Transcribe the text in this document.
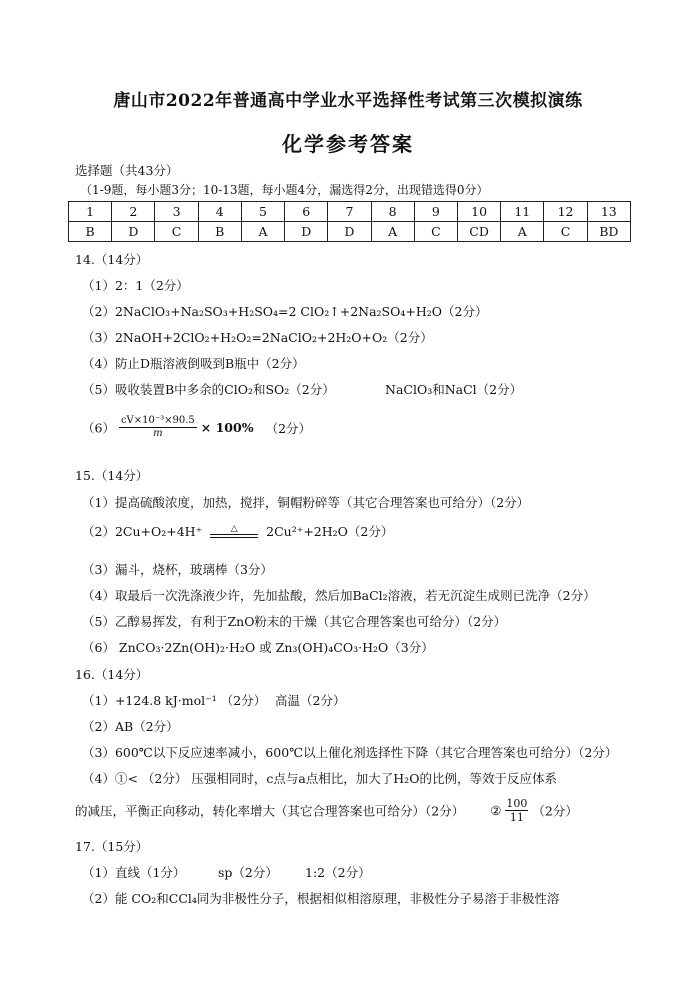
唐山市2022年普通高中学业水平选择性考试第三次模拟演练
化学参考答案
选择题（共43分）
（1-9题，每小题3分；10-13题，每小题4分，漏选得2分，出现错选得0分）
1	2	3	4	5	6	7	8	9	10	11	12	13
B	D	C	B	A	D	D	A	C	CD	A	C	BD
14.（14分）
（1）2：1（2分）
（2）2NaClO₃+Na₂SO₃+H₂SO₄=2 ClO₂↑+2Na₂SO₄+H₂O（2分）
（3）2NaOH+2ClO₂+H₂O₂=2NaClO₂+2H₂O+O₂（2分）
（4）防止D瓶溶液倒吸到B瓶中（2分）
（5）吸收装置B中多余的ClO₂和SO₂（2分）	NaClO₃和NaCl（2分）
$(6) \frac{\text{cV×10⁻³×90.5}}{m} \times 100\%$ （2分）
15.（14分）
（1）提高硫酸浓度，加热，搅拌，铜帽粉碎等（其它合理答案也可给分）（2分）
（2）2Cu+O₂+4H⁺	△	2Cu²⁺+2H₂O（2分）
（3）漏斗，烧杯，玻璃棒（3分）
（4）取最后一次洗涤液少许，先加盐酸，然后加BaCl₂溶液，若无沉淀生成则已洗净（2分）
（5）乙醇易挥发，有利于ZnO粉末的干燥（其它合理答案也可给分）（2分）
（6） ZnCO₃·2Zn(OH)₂·H₂O 或 Zn₃(OH)₄CO₃·H₂O（3分）
16.（14分）
（1）+124.8 kJ·mol⁻¹ （2分） 高温（2分）
（2）AB（2分）
（3）600℃以下反应速率减小，600℃以上催化剂选择性下降（其它合理答案也可给分）（2分）
（4）①< （2分） 压强相同时，c点与a点相比，加大了H₂O的比例，等效于反应体系
的减压，平衡正向移动，转化率增大（其它合理答案也可给分）（2分） ② $\frac{100}{11} (2$分）
17.（15分）
（1）直线（1分）	sp（2分） 1:2（2分）
（2）能 CO₂和CCl₄同为非极性分子，根据相似相溶原理，非极性分子易溶于非极性溶
